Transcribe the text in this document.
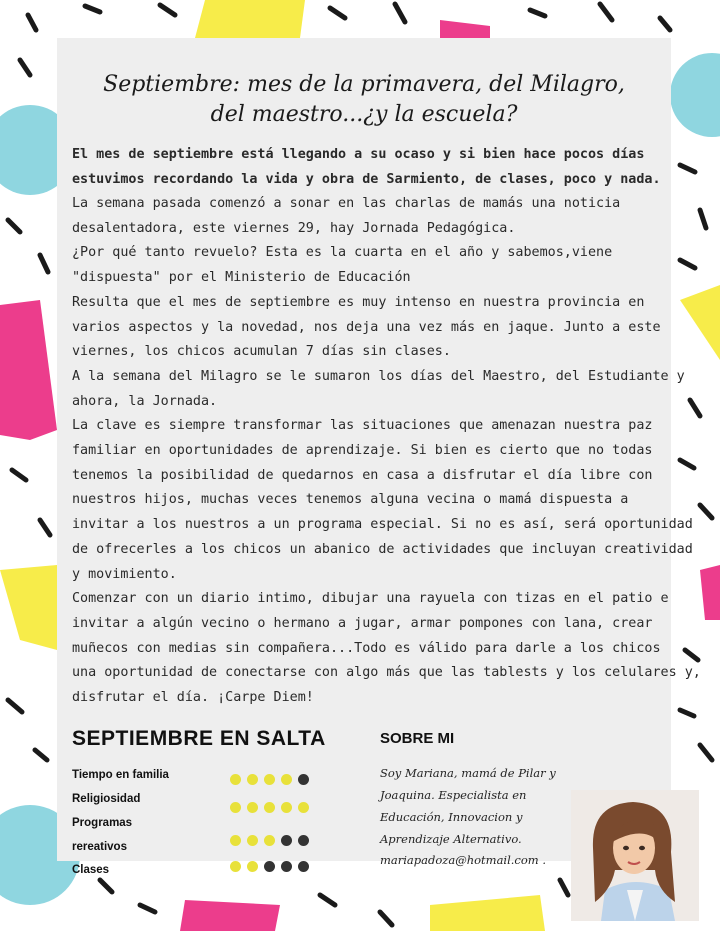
Septiembre: mes de la primavera, del Milagro,
del maestro...¿y la escuela?
El mes de septiembre está llegando a su ocaso y si bien hace pocos días
estuvimos recordando la vida y obra de Sarmiento, de clases, poco y nada.
La semana pasada comenzó a sonar en las charlas de mamás una noticia
desalentadora, este viernes 29, hay Jornada Pedagógica.
¿Por qué tanto revuelo? Esta es la cuarta en el año y sabemos,viene
"dispuesta" por el Ministerio de Educación
Resulta que el mes de septiembre es muy intenso en nuestra provincia en
varios aspectos y la novedad, nos deja una vez más en jaque. Junto a este
viernes, los chicos acumulan 7 días sin clases.
A la semana del Milagro se le sumaron los días del Maestro, del Estudiante y
ahora, la Jornada.
La clave es siempre transformar las situaciones que amenazan nuestra paz
familiar en oportunidades de aprendizaje. Si bien es cierto que no todas
tenemos la posibilidad de quedarnos en casa a disfrutar el día libre con
nuestros hijos, muchas veces tenemos alguna vecina o mamá dispuesta a
invitar a los nuestros a un programa especial. Si no es así, será oportunidad
de ofrecerles a los chicos un abanico de actividades que incluyan creatividad
y movimiento.
Comenzar con un diario intimo, dibujar una rayuela con tizas en el patio e
invitar a algún vecino o hermano a jugar, armar pompones con lana, crear
muñecos con medias sin compañera...Todo es válido para darle a los chicos
una oportunidad de conectarse con algo más que las tablests y los celulares y,
disfrutar el día. ¡Carpe Diem!
SEPTIEMBRE EN SALTA
Tiempo en familia
Religiosidad
Programas
rereativos
Clases
SOBRE MI
Soy Mariana, mamá de Pilar y
Joaquina. Especialista en
Educación, Innovacion y
Aprendizaje Alternativo.
mariapadoza@hotmail.com .
